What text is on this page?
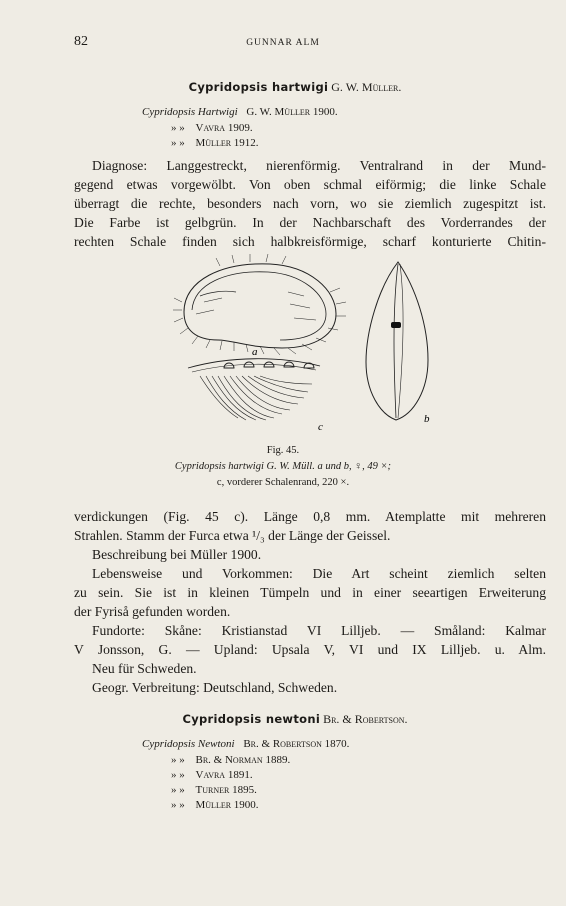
82	GUNNAR ALM
Cypridopsis hartwigi G. W. Müller.
Cypridopsis Hartwigi G. W. Müller 1900.
» » Vavra 1909.
» » Müller 1912.
Diagnose: Langgestreckt, nierenförmig. Ventralrand in der Mund-
gegend etwas vorgewölbt. Von oben schmal eiförmig; die linke Schale
überragt die rechte, besonders nach vorn, wo sie ziemlich zugespitzt ist.
Die Farbe ist gelbgrün. In der Nachbarschaft des Vorderrandes der
rechten Schale finden sich halbkreisförmige, scharf konturierte Chitin-
a
b
c
Fig. 45.
Cypridopsis hartwigi G. W. Müll. a und b, ♀, 49 ×;
c, vorderer Schalenrand, 220 ×.
verdickungen (Fig. 45 c). Länge 0,8 mm. Atemplatte mit mehreren
Strahlen. Stamm der Furca etwa ¹/₃ der Länge der Geissel.
Beschreibung bei Müller 1900.
Lebensweise und Vorkommen: Die Art scheint ziemlich selten
zu sein. Sie ist in kleinen Tümpeln und in einer seeartigen Erweiterung
der Fyriså gefunden worden.
Fundorte: Skåne: Kristianstad VI Lilljeb. — Småland: Kalmar
V Jonsson, G. — Upland: Upsala V, VI und IX Lilljeb. u. Alm.
Neu für Schweden.
Geogr. Verbreitung: Deutschland, Schweden.
Cypridopsis newtoni Br. & Robertson.
Cypridopsis Newtoni Br. & Robertson 1870.
» » Br. & Norman 1889.
» » Vavra 1891.
» » Turner 1895.
» » Müller 1900.
